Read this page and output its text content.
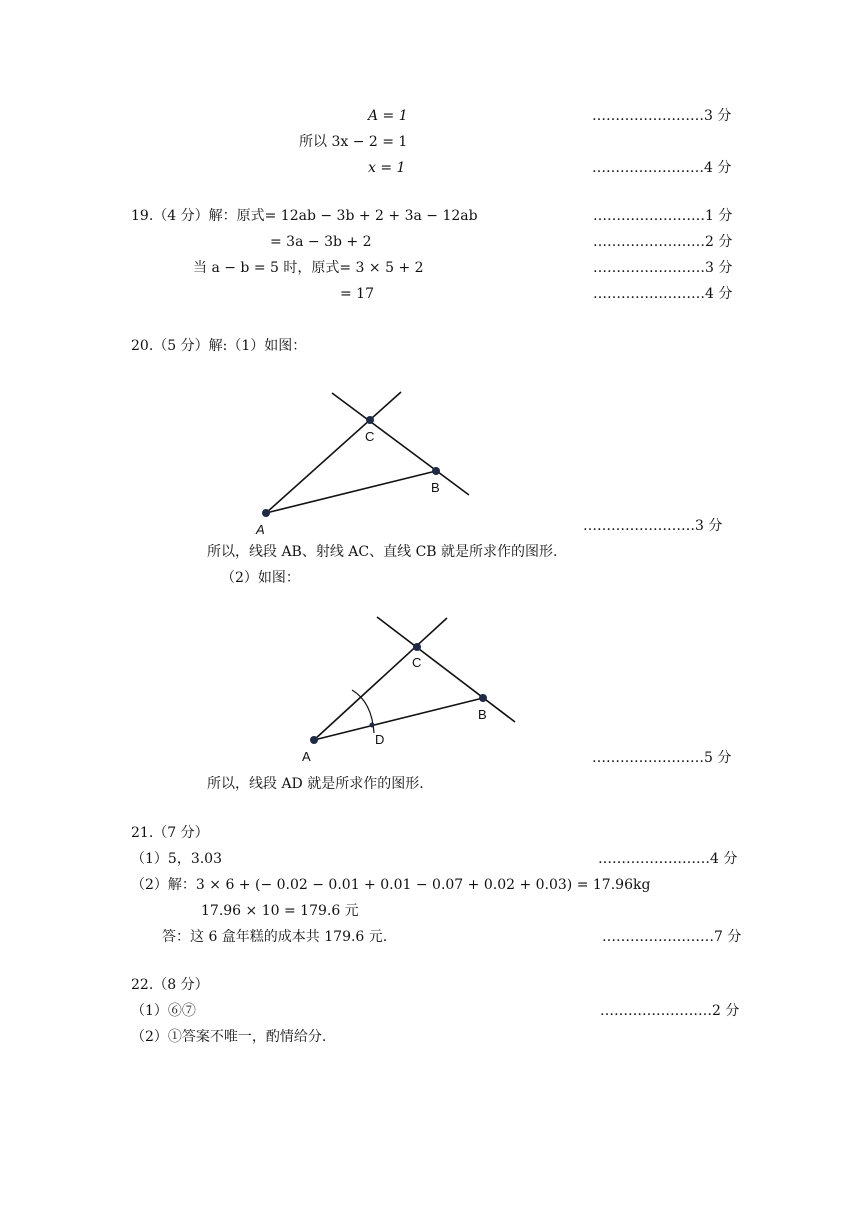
A = 1	……………………3 分
所以 3x − 2 = 1
x = 1	……………………4 分
19.（4 分）解：原式= 12ab − 3b + 2 + 3a − 12ab	……………………1 分
= 3a − 3b + 2	……………………2 分
当 a − b = 5 时，原式= 3 × 5 + 2	……………………3 分
= 17	……………………4 分
20.（5 分）解:（1）如图：
C
B
A	……………………3 分
所以，线段 AB、射线 AC、直线 CB 就是所求作的图形.
（2）如图：
C
B
A
D
……………………5 分
所以，线段 AD 就是所求作的图形.
21.（7 分）
（1）5，3.03	……………………4 分
（2）解：3 × 6 + (− 0.02 − 0.01 + 0.01 − 0.07 + 0.02 + 0.03) = 17.96kg
17.96 × 10 = 179.6 元
答：这 6 盒年糕的成本共 179.6 元.	……………………7 分
22.（8 分）
（1）⑥⑦	……………………2 分
（2）①答案不唯一，酌情给分.
